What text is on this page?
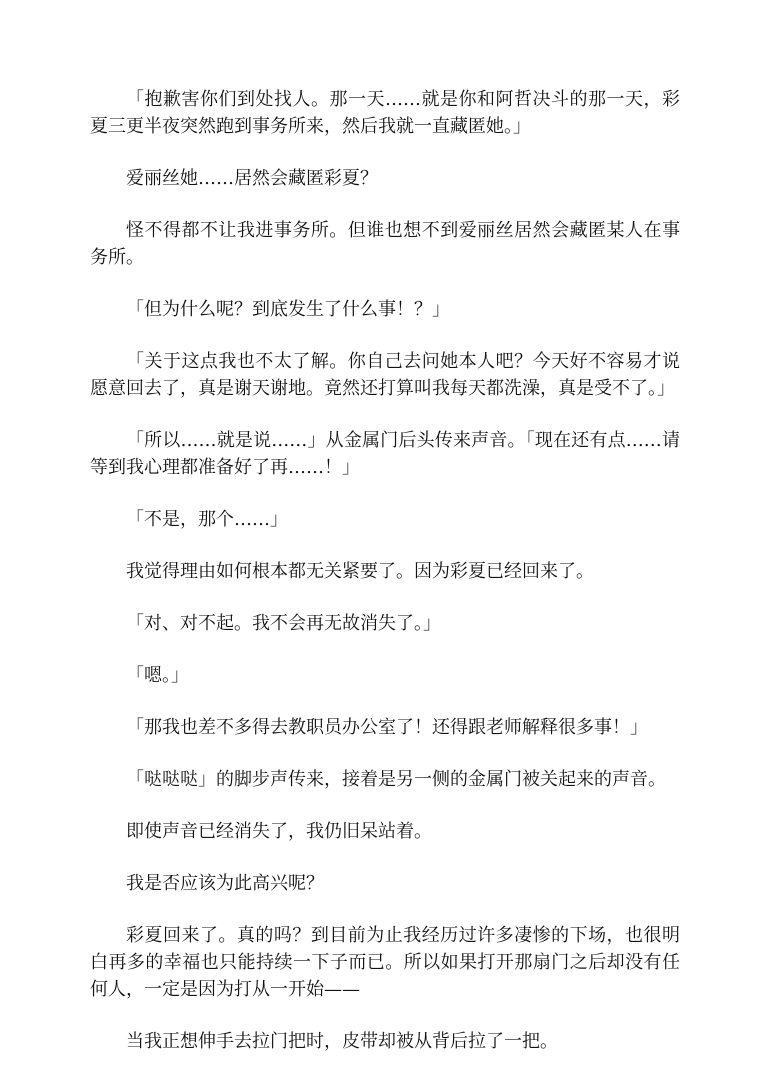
「抱歉害你们到处找人。那一天……就是你和阿哲决斗的那一天，彩夏三更半夜突然跑到事务所来，然后我就一直藏匿她。」

爱丽丝她……居然会藏匿彩夏？

怪不得都不让我进事务所。但谁也想不到爱丽丝居然会藏匿某人在事务所。

「但为什么呢？到底发生了什么事！？」

「关于这点我也不太了解。你自己去问她本人吧？今天好不容易才说愿意回去了，真是谢天谢地。竟然还打算叫我每天都洗澡，真是受不了。」

「所以……就是说……」从金属门后头传来声音。「现在还有点……请等到我心理都准备好了再……！」

「不是，那个……」

我觉得理由如何根本都无关紧要了。因为彩夏已经回来了。

「对、对不起。我不会再无故消失了。」

「嗯。」

「那我也差不多得去教职员办公室了！还得跟老师解释很多事！」

「哒哒哒」的脚步声传来，接着是另一侧的金属门被关起来的声音。

即使声音已经消失了，我仍旧呆站着。

我是否应该为此高兴呢？

彩夏回来了。真的吗？到目前为止我经历过许多凄惨的下场，也很明白再多的幸福也只能持续一下子而已。所以如果打开那扇门之后却没有任何人，一定是因为打从一开始——

当我正想伸手去拉门把时，皮带却被从背后拉了一把。
